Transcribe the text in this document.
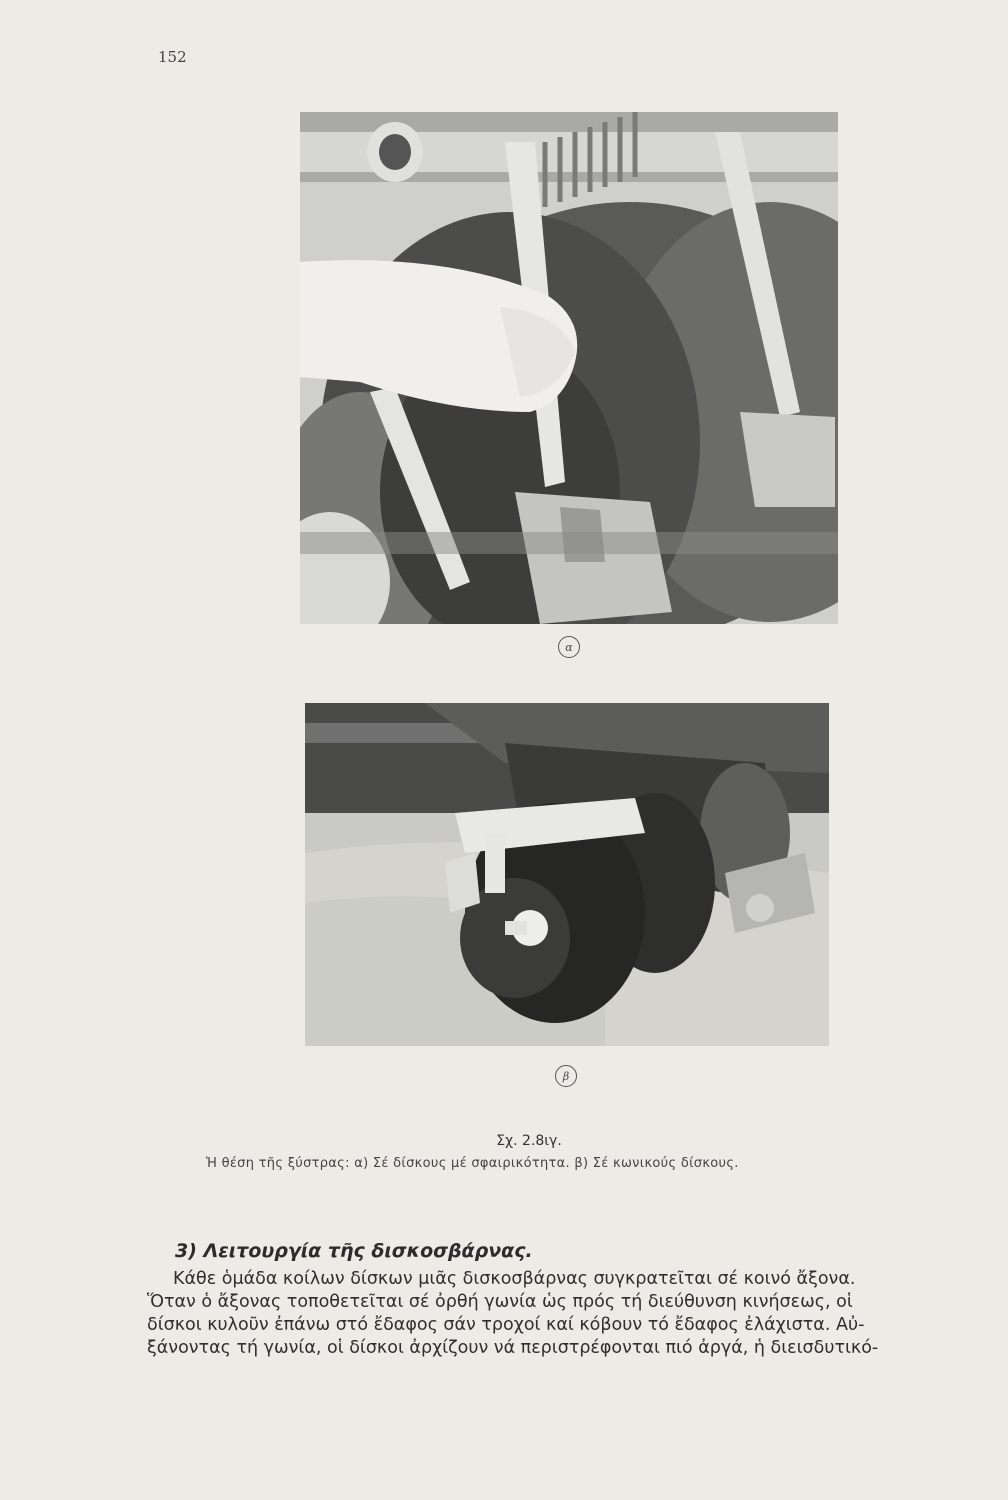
152
α
β
Σχ. 2.8ιγ.
Ἡ θέση τῆς ξύστρας: α) Σέ δίσκους μέ σφαιρικότητα. β) Σέ κωνικούς δίσκους.
3) Λειτουργία τῆς δισκοσβάρνας.
Κάθε ὁμάδα κοίλων δίσκων μιᾶς δισκοσβάρνας συγκρατεῖται σέ κοινό ἄξονα.
Ὅταν ὁ ἄξονας τοποθετεῖται σέ ὀρθή γωνία ὡς πρός τή διεύθυνση κινήσεως, οἱ
δίσκοι κυλοῦν ἐπάνω στό ἔδαφος σάν τροχοί καί κόβουν τό ἔδαφος ἐλάχιστα. Αὐ-
ξάνοντας τή γωνία, οἱ δίσκοι ἀρχίζουν νά περιστρέφονται πιό ἀργά, ἡ διεισδυτικό-
